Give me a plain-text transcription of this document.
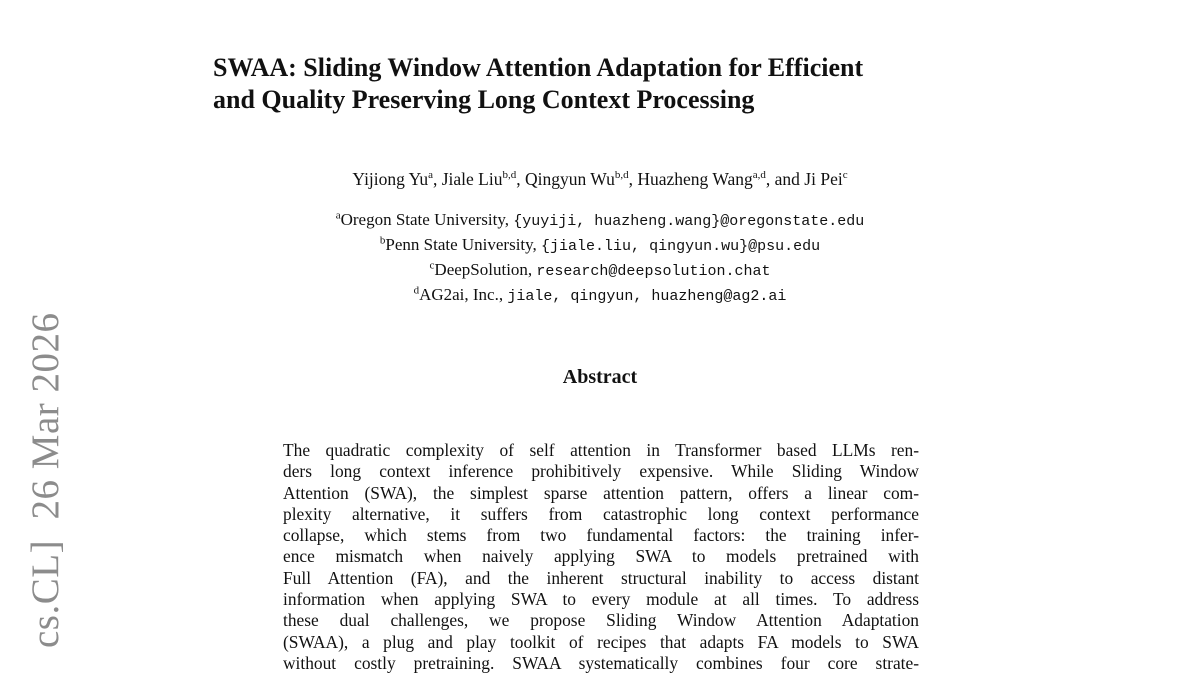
cs.CL]  26 Mar 2026
SWAA: Sliding Window Attention Adaptation for Efficient
and Quality Preserving Long Context Processing
Yijiong Yu$^a$, Jiale Liu$^{b,d}$, Qingyun Wu$^{b,d}$, Huazheng Wang$^{a,d}$, and Ji Pei$^c$
$^a$Oregon State University, {yuyiji, huazheng.wang}@oregonstate.edu
$^b$Penn State University, {jiale.liu, qingyun.wu}@psu.edu
$^c$DeepSolution, research@deepsolution.chat
$^d$AG2ai, Inc., jiale, qingyun, huazheng@ag2.ai
Abstract
The quadratic complexity of self attention in Transformer based LLMs ren-
ders long context inference prohibitively expensive. While Sliding Window
Attention (SWA), the simplest sparse attention pattern, offers a linear com-
plexity alternative, it suffers from catastrophic long context performance
collapse, which stems from two fundamental factors: the training infer-
ence mismatch when naively applying SWA to models pretrained with
Full Attention (FA), and the inherent structural inability to access distant
information when applying SWA to every module at all times. To address
these dual challenges, we propose Sliding Window Attention Adaptation
(SWAA), a plug and play toolkit of recipes that adapts FA models to SWA
without costly pretraining. SWAA systematically combines four core strate-
